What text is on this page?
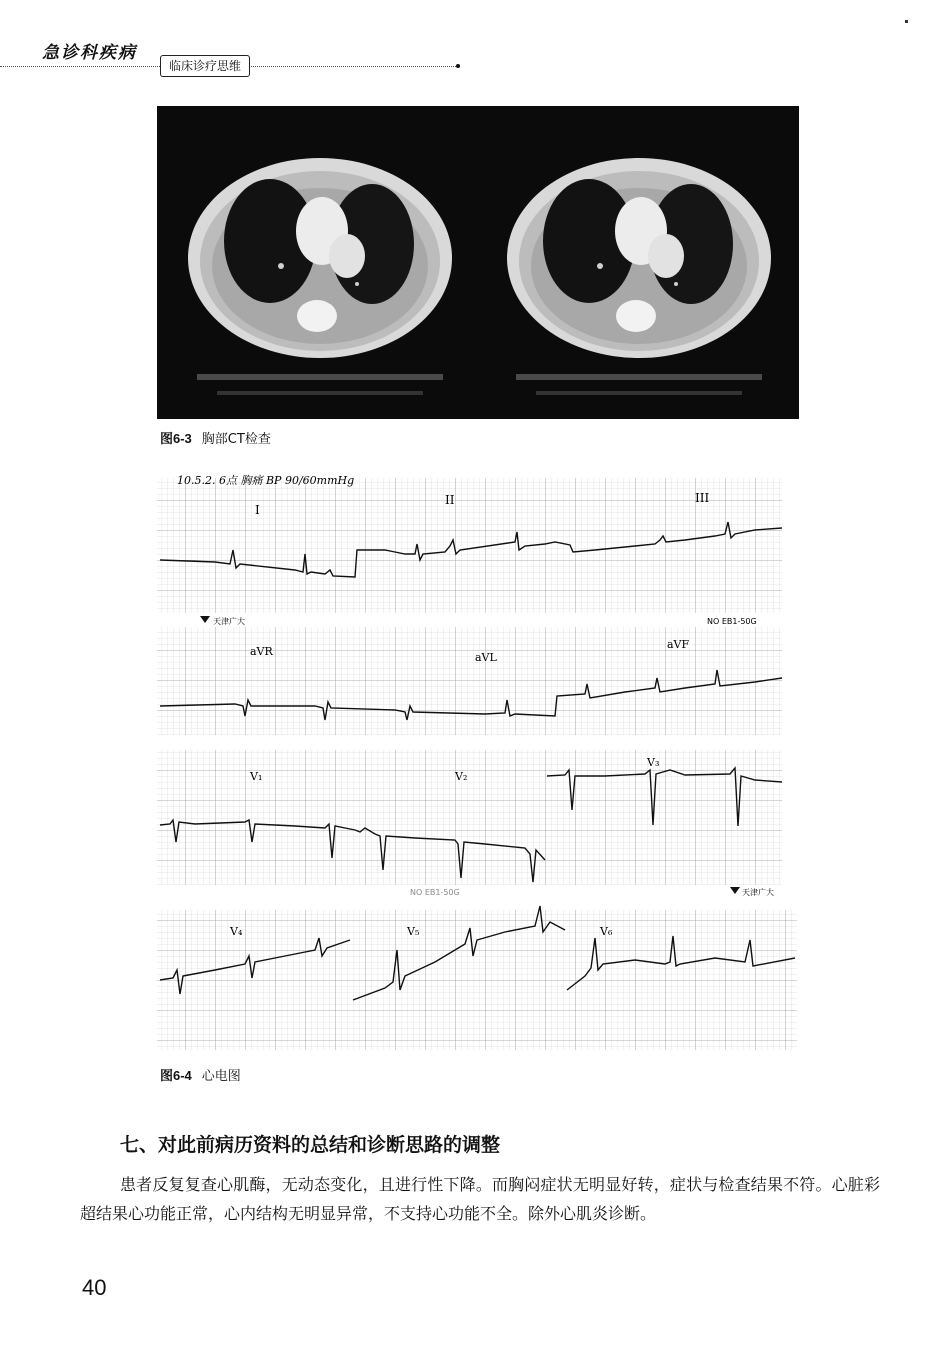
急诊科疾病
临床诊疗思维
图6-3 胸部CT检查
10.5.2. 6点 胸痛 BP 90/60mmHg
I
II	III
天津广大	NO EB1-50G
aVR	aVL
aVF
V₁	V₂
V₃
天津广大
NO EB1-50G
V₄	V₅	V₆
图6-4 心电图
七、对此前病历资料的总结和诊断思路的调整
患者反复复查心肌酶，无动态变化，且进行性下降。而胸闷症状无明显好转，症状与检查结果不符。心脏彩超结果心功能正常，心内结构无明显异常，不支持心功能不全。除外心肌炎诊断。
40
